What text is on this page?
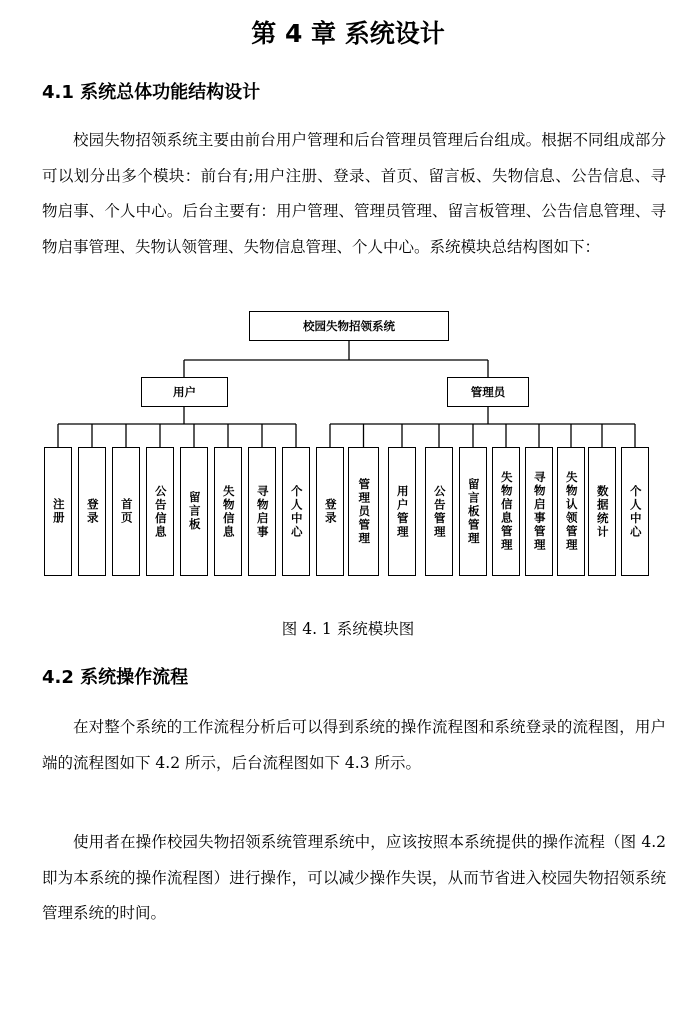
第 4 章 系统设计
4.1 系统总体功能结构设计

校园失物招领系统主要由前台用户管理和后台管理员管理后台组成。根据不同组成部分可以划分出多个模块：前台有;用户注册、登录、首页、留言板、失物信息、公告信息、寻物启事、个人中心。后台主要有：用户管理、管理员管理、留言板管理、公告信息管理、寻物启事管理、失物认领管理、失物信息管理、个人中心。系统模块总结构图如下：

校园失物招领系统
用户	管理员
注册	登录	首页	公告信息	留言板	失物信息	寻物启事	个人中心	登录	管理员管理	用户管理	公告管理	留言板管理	失物信息管理	寻物启事管理	失物认领管理	数据统计	个人中心

图 4. 1 系统模块图

4.2 系统操作流程

在对整个系统的工作流程分析后可以得到系统的操作流程图和系统登录的流程图，用户端的流程图如下 4.2 所示，后台流程图如下 4.3 所示。

使用者在操作校园失物招领系统管理系统中，应该按照本系统提供的操作流程（图 4.2 即为本系统的操作流程图）进行操作，可以减少操作失误，从而节省进入校园失物招领系统管理系统的时间。
